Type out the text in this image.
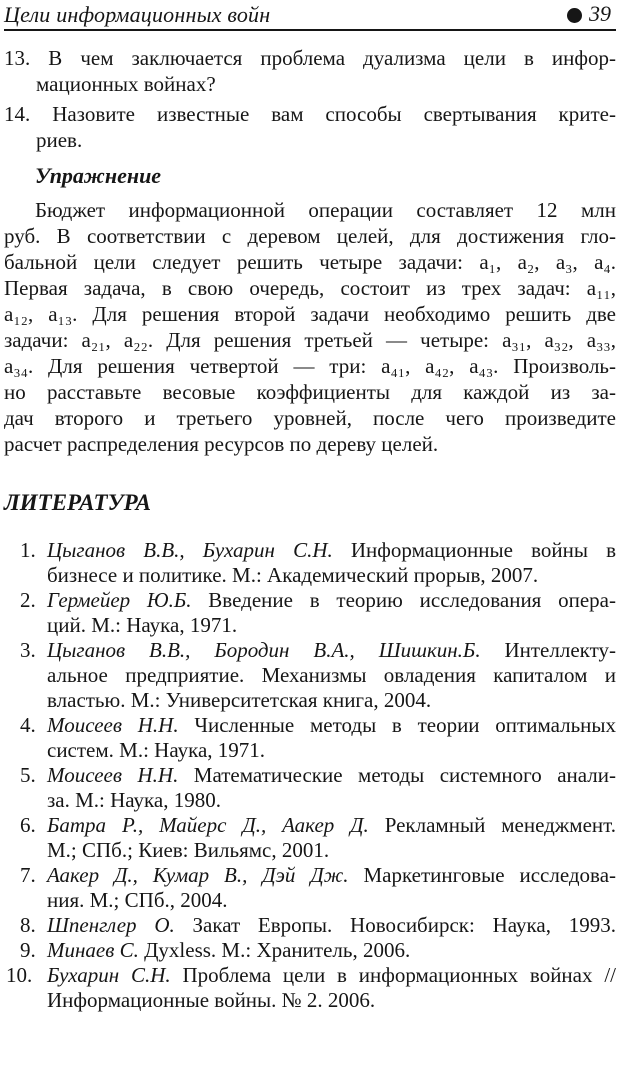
Цели информационных войн	39
13. В чем заключается проблема дуализма цели в инфор-
мационных войнах?
14. Назовите известные вам способы свертывания крите-
риев.
Упражнение
Бюджет информационной операции составляет 12 млн
руб. В соответствии с деревом целей, для достижения гло-
бальной цели следует решить четыре задачи: a₁, a₂, a₃, a₄.
Первая задача, в свою очередь, состоит из трех задач: a₁₁,
a₁₂, a₁₃. Для решения второй задачи необходимо решить две
задачи: a₂₁, a₂₂. Для решения третьей — четыре: a₃₁, a₃₂, a₃₃,
a₃₄. Для решения четвертой — три: a₄₁, a₄₂, a₄₃. Произволь-
но расставьте весовые коэффициенты для каждой из за-
дач второго и третьего уровней, после чего произведите
расчет распределения ресурсов по дереву целей.
ЛИТЕРАТУРА
1. Цыганов В.В., Бухарин С.Н. Информационные войны в
бизнесе и политике. М.: Академический прорыв, 2007.
2. Гермейер Ю.Б. Введение в теорию исследования опера-
ций. М.: Наука, 1971.
3. Цыганов В.В., Бородин В.А., Шишкин.Б. Интеллекту-
альное предприятие. Механизмы овладения капиталом и
властью. М.: Университетская книга, 2004.
4. Моисеев Н.Н. Численные методы в теории оптимальных
систем. М.: Наука, 1971.
5. Моисеев Н.Н. Математические методы системного анали-
за. М.: Наука, 1980.
6. Батра Р., Майерс Д., Аакер Д. Рекламный менеджмент.
М.; СПб.; Киев: Вильямс, 2001.
7. Аакер Д., Кумар В., Дэй Дж. Маркетинговые исследова-
ния. М.; СПб., 2004.
8. Шпенглер О. Закат Европы. Новосибирск: Наука, 1993.
9. Минаев С. Духless. М.: Хранитель, 2006.
10. Бухарин С.Н. Проблема цели в информационных войнах //
Информационные войны. № 2. 2006.
